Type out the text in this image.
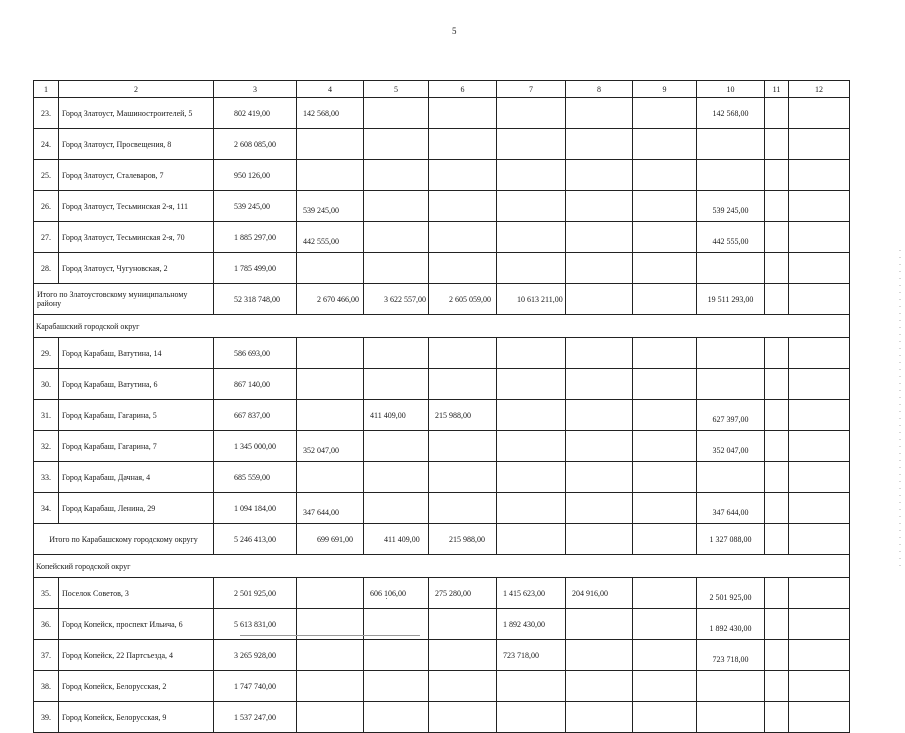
5
1	2	3	4	5	6	7	8	9	10	11	12
23.	Город Златоуст, Машиностроителей, 5	802 419,00	142 568,00						142 568,00		
24.	Город Златоуст, Просвещения, 8	2 608 085,00									
25.	Город Златоуст, Сталеваров, 7	950 126,00									
26.	Город Златоуст, Тесьминская 2-я, 111	539 245,00	539 245,00						539 245,00		

27.	Город Златоуст, Тесьминская 2-я, 70	1 885 297,00	442 555,00						442 555,00		

28.	Город Златоуст, Чугуновская, 2	1 785 499,00	

Итого по Златоустовскому муниципальному району		52 318 748,00	2 670 466,00	3 622 557,00	2 605 059,00	10 613 211,00			19 511 293,00		
Карабашский городской округ											
29.	Город Карабаш, Ватутина, 14	586 693,00	

30.	Город Карабаш, Ватутина, 6	867 140,00	

31.	Город Карабаш, Гагарина, 5	667 837,00		411 409,00	215 988,00				627 397,00		

32.	Город Карабаш, Гагарина, 7	1 345 000,00	352 047,00						352 047,00		

33.	Город Карабаш, Дачная, 4	685 559,00	

34.	Город Карабаш, Ленина, 29	1 094 184,00	347 644,00						347 644,00		

Итого по Карабашскому городскому округу		5 246 413,00	699 691,00	411 409,00	215 988,00				1 327 088,00		
Копейский городской округ											
35.	Поселок Советов, 3	2 501 925,00		606 106,00	275 280,00	1 415 623,00	204 916,00		2 501 925,00		

36.	Город Копейск, проспект Ильича, 6	5 613 831,00				1 892 430,00			1 892 430,00		

37.	Город Копейск, 22 Партсъезда, 4	3 265 928,00				723 718,00			723 718,00		

38.	Город Копейск, Белорусская, 2	1 747 740,00	

39.	Город Копейск, Белорусская, 9	1 537 247,00	
